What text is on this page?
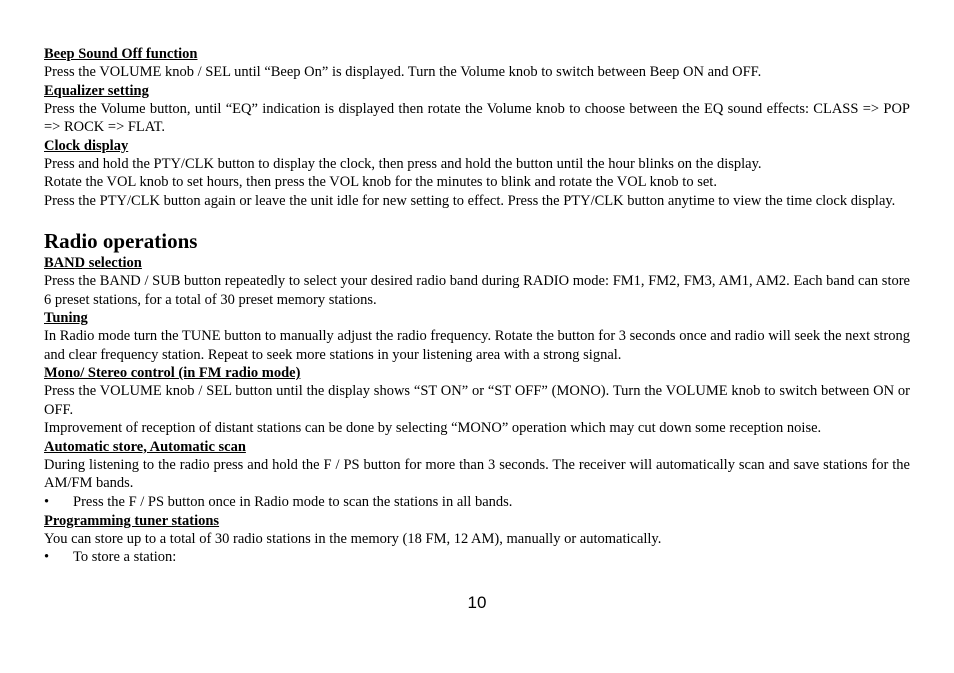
Beep Sound Off function

Press the VOLUME knob / SEL until “Beep On” is displayed. Turn the Volume knob to switch between Beep ON and OFF.

Equalizer setting

Press the Volume button, until “EQ” indication is displayed then rotate the Volume knob to choose between the EQ sound effects: CLASS => POP => ROCK => FLAT.

Clock display

Press and hold the PTY/CLK button to display the clock, then press and hold the button until the hour blinks on the display.

Rotate the VOL knob to set hours, then press the VOL knob for the minutes to blink and rotate the VOL knob to set.

Press the PTY/CLK button again or leave the unit idle for new setting to effect. Press the PTY/CLK button anytime to view the time clock display.

Radio operations

BAND selection

Press the BAND / SUB button repeatedly to select your desired radio band during RADIO mode: FM1, FM2, FM3, AM1, AM2. Each band can store 6 preset stations, for a total of 30 preset memory stations.

Tuning

In Radio mode turn the TUNE button to manually adjust the radio frequency. Rotate the button for 3 seconds once and radio will seek the next strong and clear frequency station. Repeat to seek more stations in your listening area with a strong signal.

Mono/ Stereo control (in FM radio mode)

Press the VOLUME knob / SEL button until the display shows “ST ON” or “ST OFF” (MONO). Turn the VOLUME knob to switch between ON or OFF.

Improvement of reception of distant stations can be done by selecting “MONO” operation which may cut down some reception noise.

Automatic store, Automatic scan

During listening to the radio press and hold the F / PS button for more than 3 seconds. The receiver will automatically scan and save stations for the AM/FM bands.

•	Press the F / PS button once in Radio mode to scan the stations in all bands.

Programming tuner stations

You can store up to a total of 30 radio stations in the memory (18 FM, 12 AM), manually or automatically.

•	To store a station:
10
